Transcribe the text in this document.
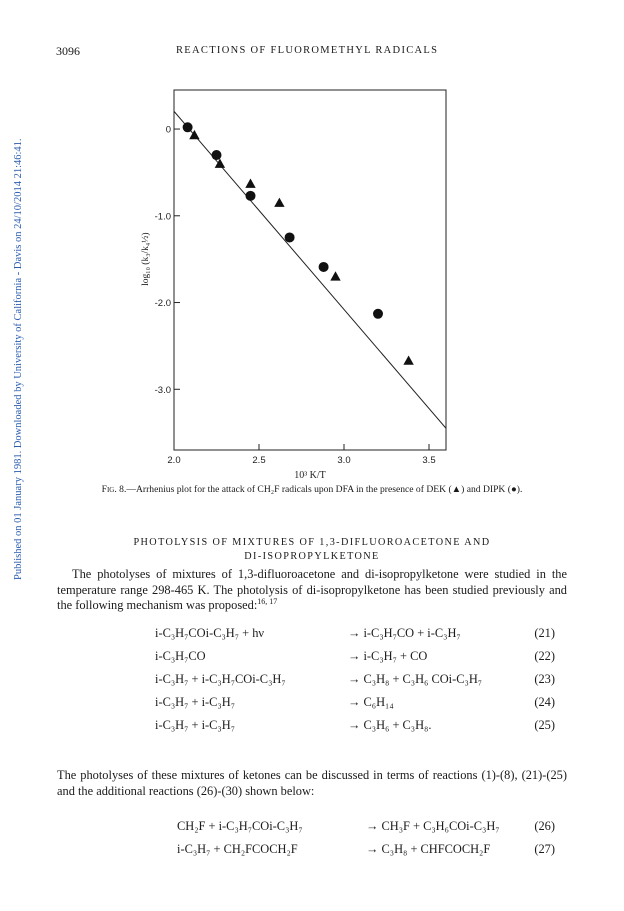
Published on 01 January 1981. Downloaded by University of California - Davis on 24/10/2014 21:46:41.
3096	REACTIONS OF FLUOROMETHYL RADICALS
0
-1.0
-2.0
-3.0
2.0	2.5	3.0	3.5
10³ K/T
log₁₀ (k₃/k₄½)
Fig. 8.—Arrhenius plot for the attack of CH₂F radicals upon DFA in the presence of DEK (▲) and DIPK (●).
PHOTOLYSIS OF MIXTURES OF 1,3-DIFLUOROACETONE AND
DI-ISOPROPYLKETONE
The photolyses of mixtures of 1,3-difluoroacetone and di-isopropylketone were studied in the temperature range 298-465 K. The photolysis of di-isopropylketone has been studied previously and the following mechanism was proposed:$^{16, 17}$
i-C₃H₇COi-C₃H₇ + hν	→ i-C₃H₇CO + i-C₃H₇	(21)
i-C₃H₇CO	→ i-C₃H₇ + CO	(22)
i-C₃H₇ + i-C₃H₇COi-C₃H₇	→ C₃H₈ + C₃H₆ COi-C₃H₇	(23)
i-C₃H₇ + i-C₃H₇	→ C₆H₁₄	(24)
i-C₃H₇ + i-C₃H₇	→ C₃H₆ + C₃H₈.	(25)
The photolyses of these mixtures of ketones can be discussed in terms of reactions (1)-(8), (21)-(25) and the additional reactions (26)-(30) shown below:
CH₂F + i-C₃H₇COi-C₃H₇	→ CH₃F + C₃H₆COi-C₃H₇	(26)
i-C₃H₇ + CH₂FCOCH₂F	→ C₃H₈ + CHFCOCH₂F	(27)
